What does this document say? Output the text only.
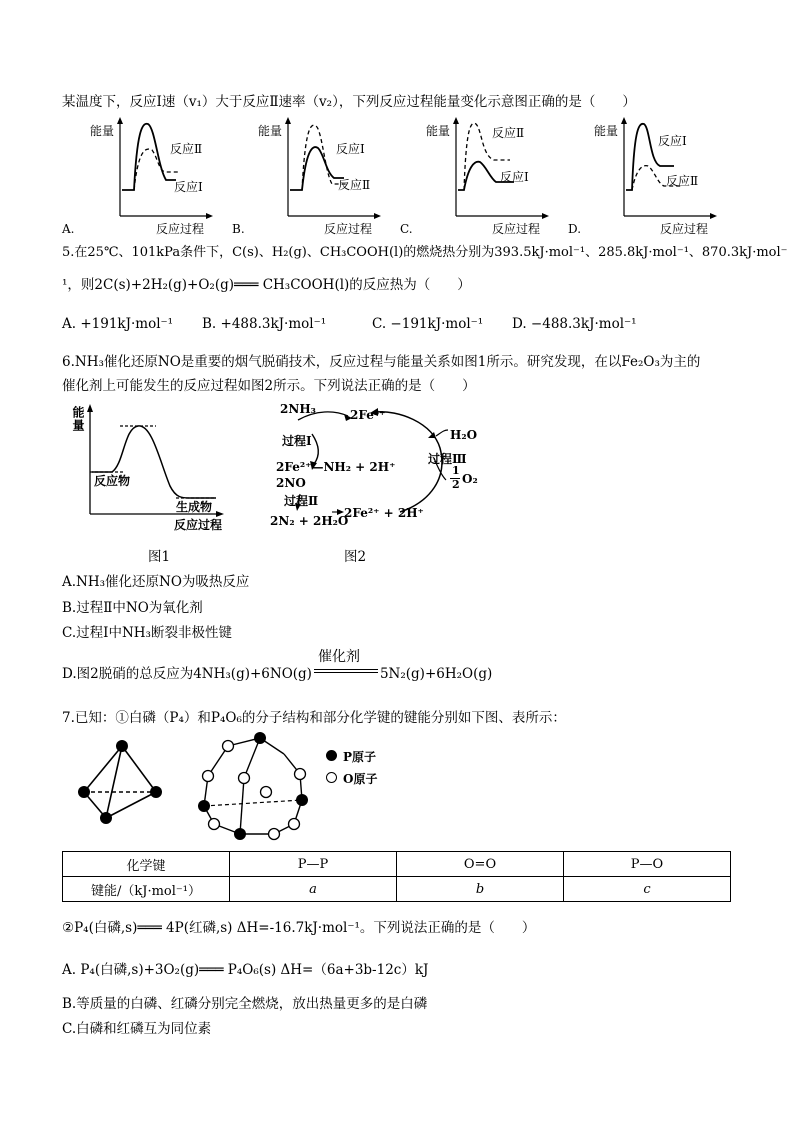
某温度下，反应Ⅰ速（v₁）大于反应Ⅱ速率（v₂），下列反应过程能量变化示意图正确的是（　　）
A.
能量
反应过程
反应Ⅱ
反应Ⅰ
B.
能量
反应过程
反应Ⅰ
反应Ⅱ
C.
能量
反应过程
反应Ⅱ
反应Ⅰ
D.
能量
反应过程
反应Ⅰ
反应Ⅱ
5.在25℃、101kPa条件下，C(s)、H₂(g)、CH₃COOH(l)的燃烧热分别为393.5kJ·mol⁻¹、285.8kJ·mol⁻¹、870.3kJ·mol⁻
¹，则2C(s)+2H₂(g)+O₂(g)═══ CH₃COOH(l)的反应热为（　　）
A. +191kJ·mol⁻¹ B. +488.3kJ·mol⁻¹	C. −191kJ·mol⁻¹ D. −488.3kJ·mol⁻¹
6.NH₃催化还原NO是重要的烟气脱硝技术，反应过程与能量关系如图1所示。研究发现，在以Fe₂O₃为主的
催化剂上可能发生的反应过程如图2所示。下列说法正确的是（　　）
能量
反应物
生成物
反应过程
图1
2NH₃	2Fe³⁺
过程Ⅰ
2Fe²⁺—NH₂ + 2H⁺
2NO
过程Ⅱ
2N₂ + 2H₂O
2Fe²⁺ + 2H⁺
H₂O
过程Ⅲ
1
2 O₂
图2
A.NH₃催化还原NO为吸热反应
B.过程Ⅱ中NO为氧化剂
C.过程Ⅰ中NH₃断裂非极性键
D.图2脱硝的总反应为4NH₃(g)+6NO(g)
催化剂
5N₂(g)+6H₂O(g)
7.已知：①白磷（P₄）和P₄O₆的分子结构和部分化学键的键能分别如下图、表所示：
P原子
O原子
化学键	P—P	O=O	P—O
键能/（kJ·mol⁻¹）	a	b	c
②P₄(白磷,s)═══ 4P(红磷,s) ΔH=-16.7kJ·mol⁻¹。下列说法正确的是（　　）
A. P₄(白磷,s)+3O₂(g)═══ P₄O₆(s) ΔH=（6a+3b-12c）kJ
B.等质量的白磷、红磷分别完全燃烧，放出热量更多的是白磷
C.白磷和红磷互为同位素
